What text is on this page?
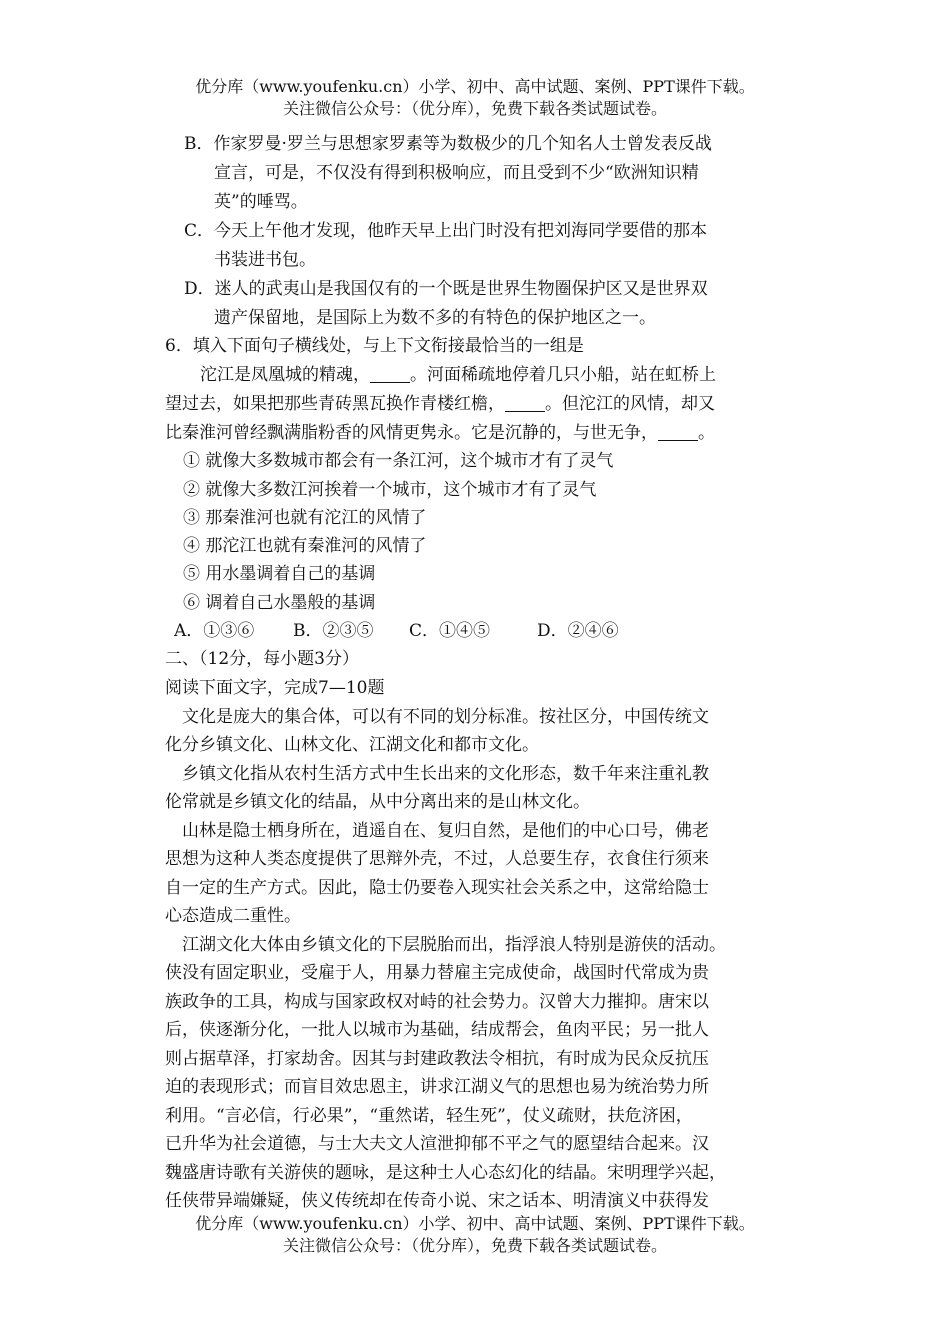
优分库（www.youfenku.cn）小学、初中、高中试题、案例、PPT课件下载。
关注微信公众号：（优分库），免费下载各类试题试卷。
B．作家罗曼·罗兰与思想家罗素等为数极少的几个知名人士曾发表反战
宣言，可是，不仅没有得到积极响应，而且受到不少“欧洲知识精
英”的唾骂。
C．今天上午他才发现，他昨天早上出门时没有把刘海同学要借的那本
书装进书包。
D．迷人的武夷山是我国仅有的一个既是世界生物圈保护区又是世界双
遗产保留地，是国际上为数不多的有特色的保护地区之一。
6．填入下面句子横线处，与上下文衔接最恰当的一组是
沱江是凤凰城的精魂， 。河面稀疏地停着几只小船，站在虹桥上
望过去，如果把那些青砖黑瓦换作青楼红檐， 。但沱江的风情，却又
比秦淮河曾经飘满脂粉香的风情更隽永。它是沉静的，与世无争， 。
① 就像大多数城市都会有一条江河，这个城市才有了灵气
② 就像大多数江河挨着一个城市，这个城市才有了灵气
③ 那秦淮河也就有沱江的风情了
④ 那沱江也就有秦淮河的风情了
⑤ 用水墨调着自己的基调
⑥ 调着自己水墨般的基调
A．①③⑥ B．②③⑤ C．①④⑤	D．②④⑥
二、（12分，每小题3分）
阅读下面文字，完成7—10题
文化是庞大的集合体，可以有不同的划分标准。按社区分，中国传统文
化分乡镇文化、山林文化、江湖文化和都市文化。
乡镇文化指从农村生活方式中生长出来的文化形态，数千年来注重礼教
伦常就是乡镇文化的结晶，从中分离出来的是山林文化。
山林是隐士栖身所在，逍遥自在、复归自然，是他们的中心口号，佛老
思想为这种人类态度提供了思辩外壳，不过，人总要生存，衣食住行须来
自一定的生产方式。因此，隐士仍要卷入现实社会关系之中，这常给隐士
心态造成二重性。
江湖文化大体由乡镇文化的下层脱胎而出，指浮浪人特别是游侠的活动。
侠没有固定职业，受雇于人，用暴力替雇主完成使命，战国时代常成为贵
族政争的工具，构成与国家政权对峙的社会势力。汉曾大力摧抑。唐宋以
后，侠逐渐分化，一批人以城市为基础，结成帮会，鱼肉平民；另一批人
则占据草泽，打家劫舍。因其与封建政教法令相抗，有时成为民众反抗压
迫的表现形式；而盲目效忠恩主，讲求江湖义气的思想也易为统治势力所
利用。“言必信，行必果”，“重然诺，轻生死”，仗义疏财，扶危济困，
已升华为社会道德，与士大夫文人渲泄抑郁不平之气的愿望结合起来。汉
魏盛唐诗歌有关游侠的题咏，是这种士人心态幻化的结晶。宋明理学兴起，
任侠带异端嫌疑，侠义传统却在传奇小说、宋之话本、明清演义中获得发
优分库（www.youfenku.cn）小学、初中、高中试题、案例、PPT课件下载。
关注微信公众号：（优分库），免费下载各类试题试卷。
